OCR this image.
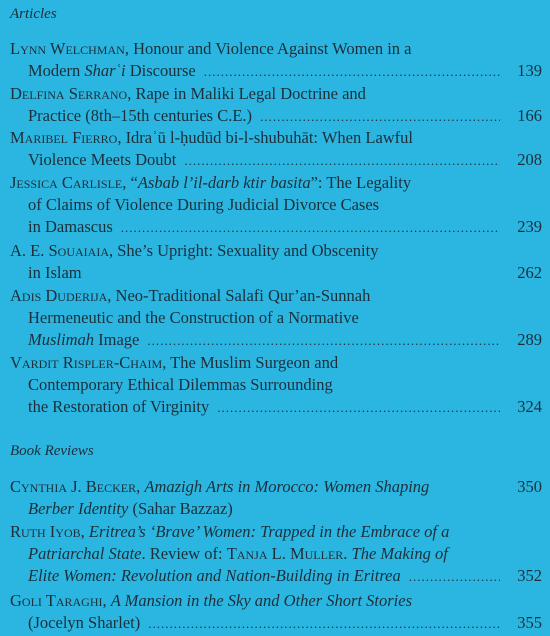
Articles
Lynn Welchman, Honour and Violence Against Women in a
Modern Sharʿi Discourse .....	139
Delfina Serrano, Rape in Maliki Legal Doctrine and
Practice (8th–15th centuries C.E.) .....	166
Maribel Fierro, Idraʾū l-ḥudūd bi-l-shubuhāt: When Lawful
Violence Meets Doubt .....	208
Jessica Carlisle, “Asbab l’il-darb ktir basita”: The Legality
of Claims of Violence During Judicial Divorce Cases
in Damascus .....	239
A. E. Souaiaia, She’s Upright: Sexuality and Obscenity
in Islam	262
Adis Duderija, Neo-Traditional Salafi Qur’an-Sunnah
Hermeneutic and the Construction of a Normative
Muslimah Image .....	289
Vardit Rispler-Chaim, The Muslim Surgeon and
Contemporary Ethical Dilemmas Surrounding
the Restoration of Virginity .....	324
Book Reviews
Cynthia J. Becker, Amazigh Arts in Morocco: Women Shaping	350
Berber Identity (Sahar Bazzaz)
Ruth Iyob, Eritrea’s ‘Brave’ Women: Trapped in the Embrace of a
Patriarchal State. Review of: Tanja L. Muller. The Making of
Elite Women: Revolution and Nation-Building in Eritrea .....	352
Goli Taraghi, A Mansion in the Sky and Other Short Stories
(Jocelyn Sharlet) .....	355
